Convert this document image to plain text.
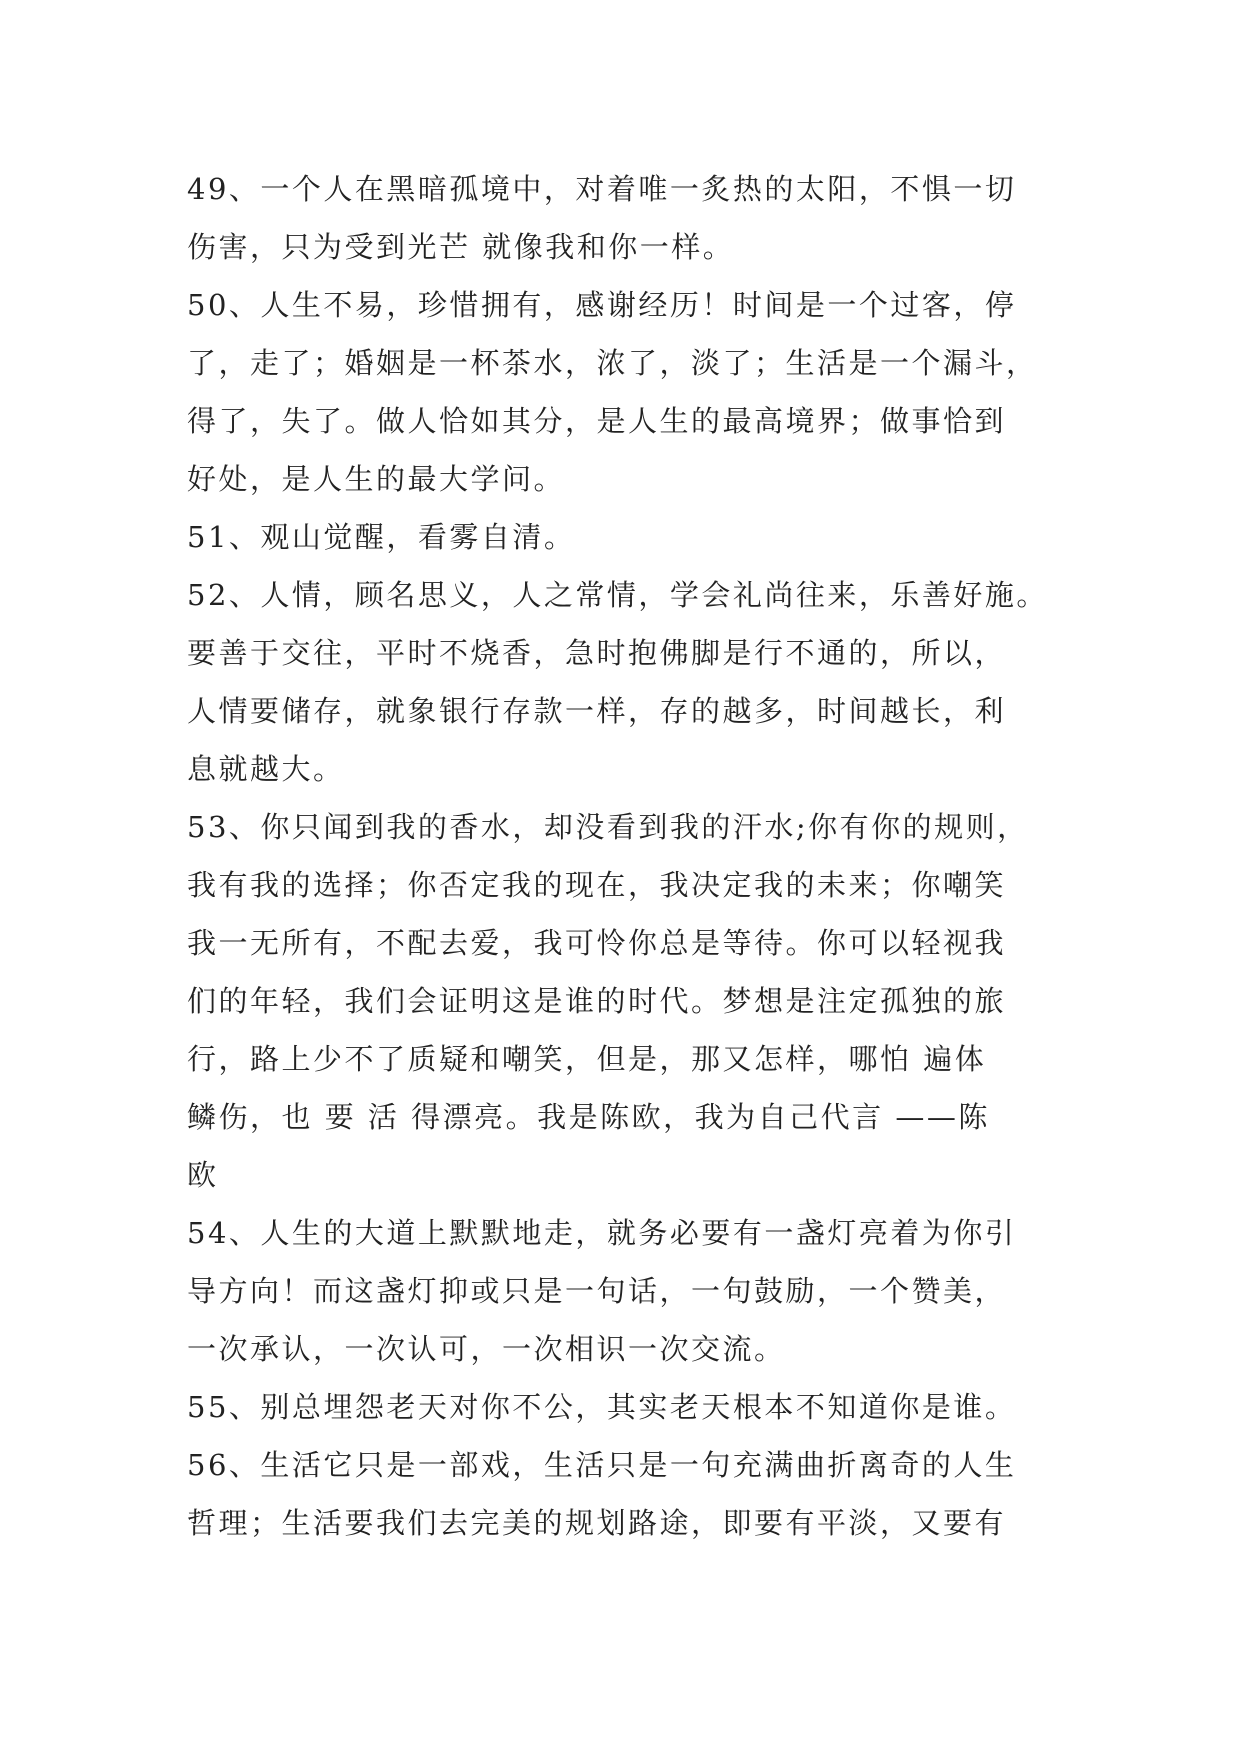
49、一个人在黑暗孤境中，对着唯一炙热的太阳，不惧一切
伤害，只为受到光芒 就像我和你一样。
50、人生不易，珍惜拥有，感谢经历！时间是一个过客，停
了，走了；婚姻是一杯茶水，浓了，淡了；生活是一个漏斗，
得了，失了。做人恰如其分，是人生的最高境界；做事恰到
好处，是人生的最大学问。
51、观山觉醒，看雾自清。
52、人情，顾名思义，人之常情，学会礼尚往来，乐善好施。
要善于交往，平时不烧香，急时抱佛脚是行不通的，所以，
人情要储存，就象银行存款一样，存的越多，时间越长，利
息就越大。
53、你只闻到我的香水，却没看到我的汗水;你有你的规则，
我有我的选择；你否定我的现在，我决定我的未来；你嘲笑
我一无所有，不配去爱，我可怜你总是等待。你可以轻视我
们的年轻，我们会证明这是谁的时代。梦想是注定孤独的旅
行，路上少不了质疑和嘲笑，但是，那又怎样，哪怕 遍体
鳞伤，也 要 活 得漂亮。我是陈欧，我为自己代言 ——陈
欧
54、人生的大道上默默地走，就务必要有一盏灯亮着为你引
导方向！而这盏灯抑或只是一句话，一句鼓励，一个赞美，
一次承认，一次认可，一次相识一次交流。
55、别总埋怨老天对你不公，其实老天根本不知道你是谁。
56、生活它只是一部戏，生活只是一句充满曲折离奇的人生
哲理；生活要我们去完美的规划路途，即要有平淡，又要有
